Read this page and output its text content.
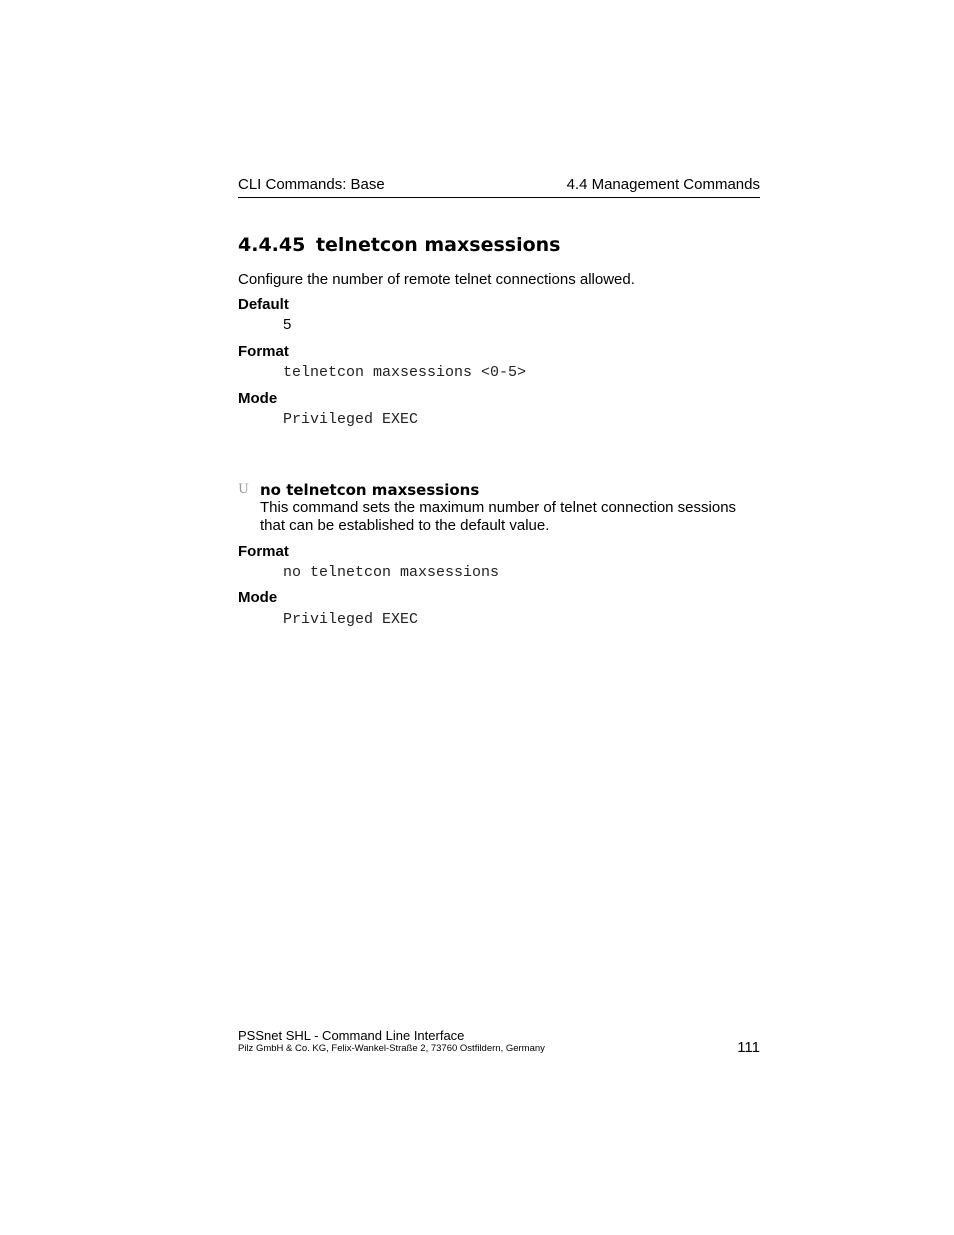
CLI Commands: Base	4.4 Management Commands
4.4.45 telnetcon maxsessions
Configure the number of remote telnet connections allowed.
Default
5
Format
telnetcon maxsessions <0-5>
Mode
Privileged EXEC
U no telnetcon maxsessions
This command sets the maximum number of telnet connection sessions that can be established to the default value.
Format
no telnetcon maxsessions
Mode
Privileged EXEC
PSSnet SHL - Command Line Interface
Pilz GmbH & Co. KG, Felix-Wankel-Straße 2, 73760 Ostfildern, Germany	111
